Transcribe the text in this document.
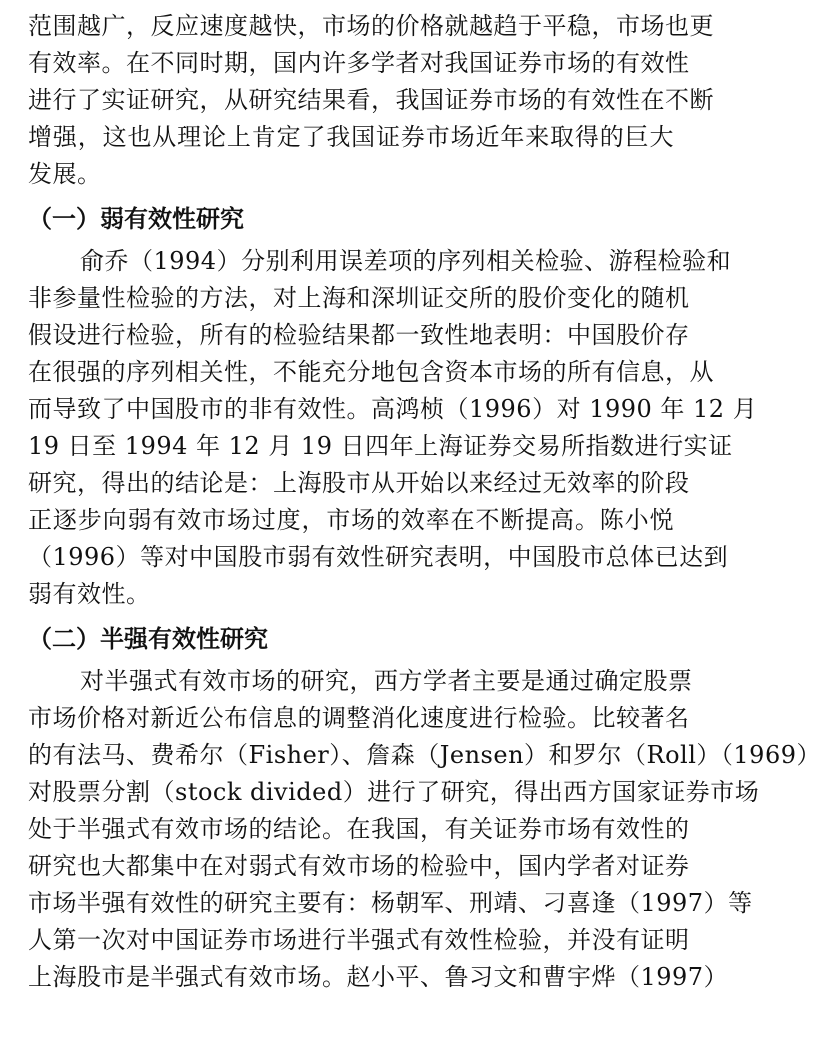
范围越广，反应速度越快，市场的价格就越趋于平稳，市场也更
有效率。在不同时期，国内许多学者对我国证券市场的有效性
进行了实证研究，从研究结果看，我国证券市场的有效性在不断
增强，这也从理论上肯定了我国证券市场近年来取得的巨大
发展。
（一）弱有效性研究
俞乔（1994）分别利用误差项的序列相关检验、游程检验和
非参量性检验的方法，对上海和深圳证交所的股价变化的随机
假设进行检验，所有的检验结果都一致性地表明：中国股价存
在很强的序列相关性，不能充分地包含资本市场的所有信息，从
而导致了中国股市的非有效性。高鸿桢（1996）对 1990 年 12 月
19 日至 1994 年 12 月 19 日四年上海证券交易所指数进行实证
研究，得出的结论是：上海股市从开始以来经过无效率的阶段
正逐步向弱有效市场过度，市场的效率在不断提高。陈小悦
（1996）等对中国股市弱有效性研究表明，中国股市总体已达到
弱有效性。
（二）半强有效性研究
对半强式有效市场的研究，西方学者主要是通过确定股票
市场价格对新近公布信息的调整消化速度进行检验。比较著名
的有法马、费希尔（Fisher）、詹森（Jensen）和罗尔（Roll）（1969）
对股票分割（stock divided）进行了研究，得出西方国家证券市场
处于半强式有效市场的结论。在我国，有关证券市场有效性的
研究也大都集中在对弱式有效市场的检验中，国内学者对证券
市场半强有效性的研究主要有：杨朝军、刑靖、刁喜逢（1997）等
人第一次对中国证券市场进行半强式有效性检验，并没有证明
上海股市是半强式有效市场。赵小平、鲁习文和曹宇烨（1997）
